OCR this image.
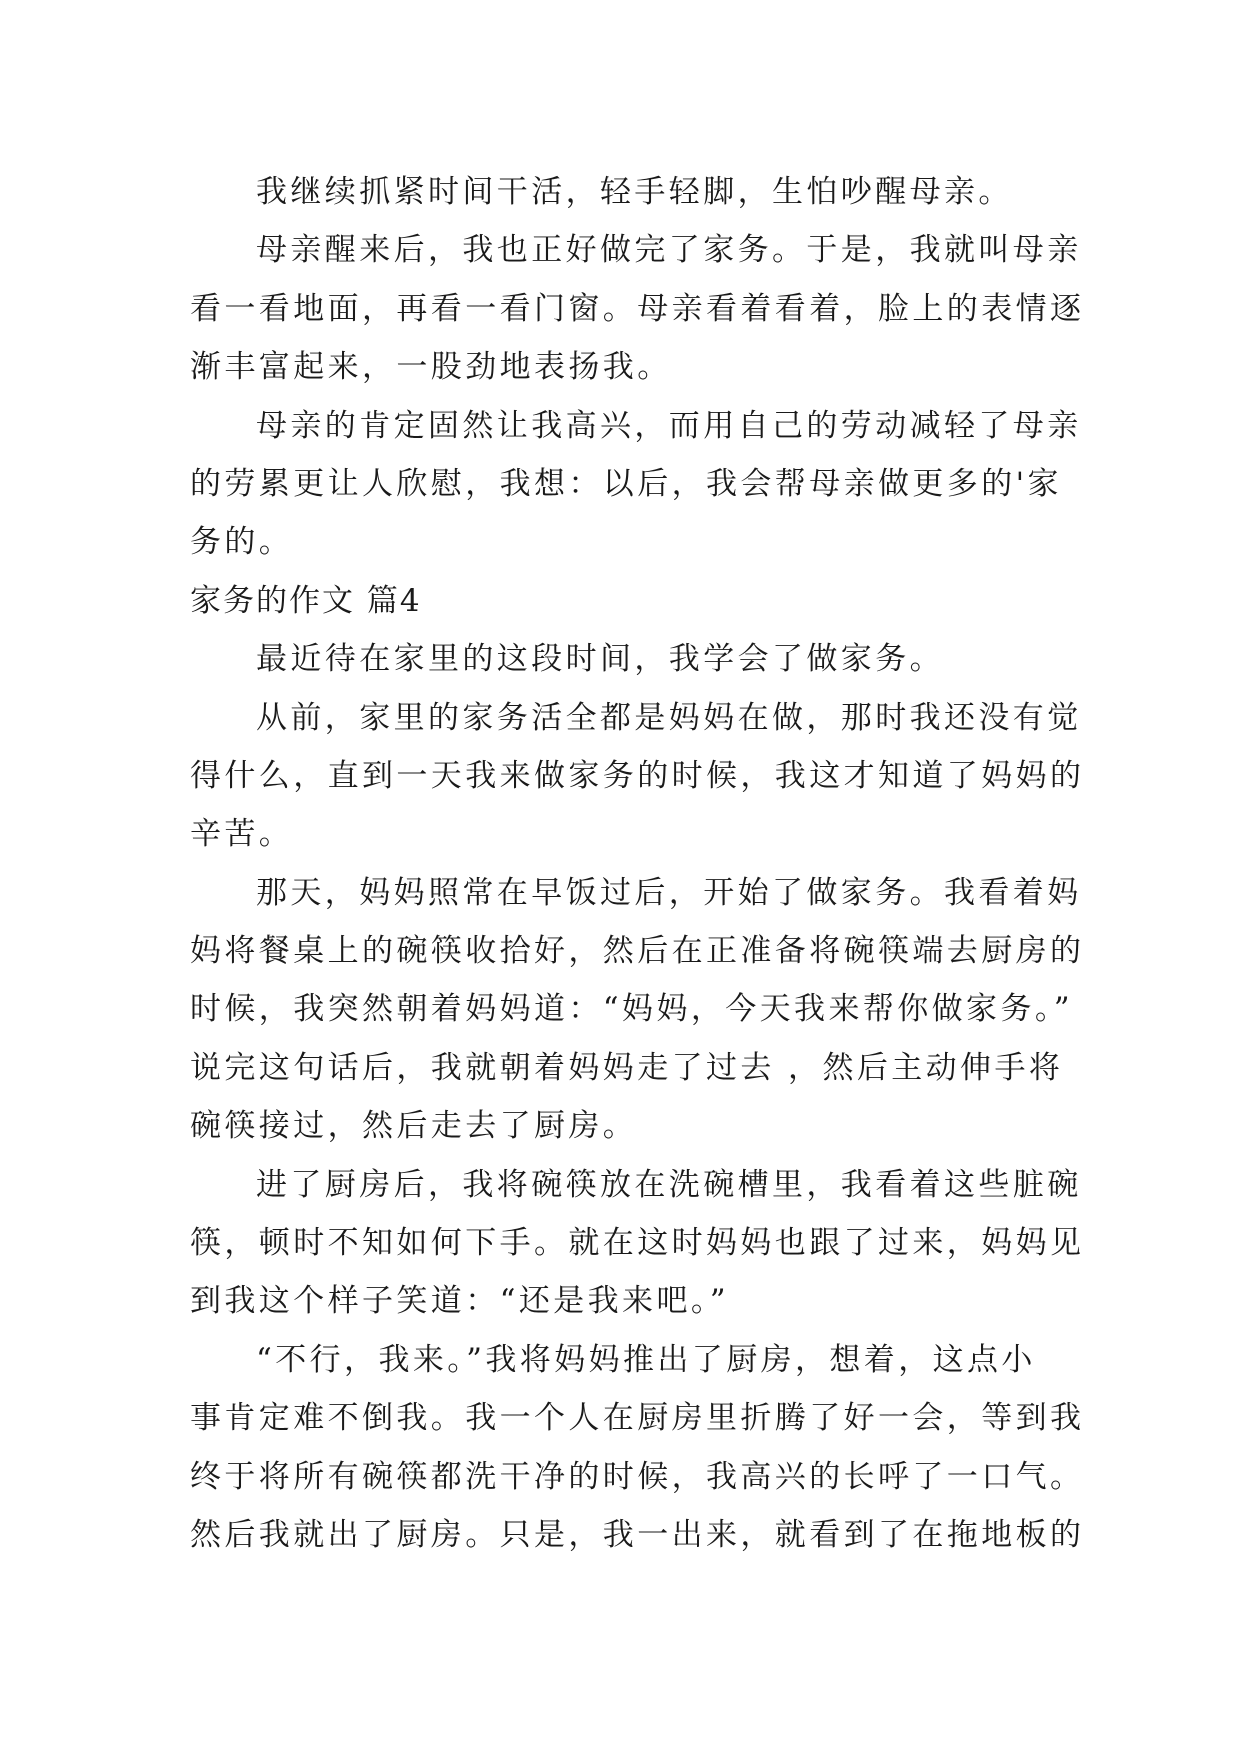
我继续抓紧时间干活，轻手轻脚，生怕吵醒母亲。
母亲醒来后，我也正好做完了家务。于是，我就叫母亲
看一看地面，再看一看门窗。母亲看着看着，脸上的表情逐
渐丰富起来，一股劲地表扬我。
母亲的肯定固然让我高兴，而用自己的劳动减轻了母亲
的劳累更让人欣慰，我想：以后，我会帮母亲做更多的'家
务的。
家务的作文 篇4
最近待在家里的这段时间，我学会了做家务。
从前，家里的家务活全都是妈妈在做，那时我还没有觉
得什么，直到一天我来做家务的时候，我这才知道了妈妈的
辛苦。
那天，妈妈照常在早饭过后，开始了做家务。我看着妈
妈将餐桌上的碗筷收拾好，然后在正准备将碗筷端去厨房的
时候，我突然朝着妈妈道：“妈妈，今天我来帮你做家务。”
说完这句话后，我就朝着妈妈走了过去 ，然后主动伸手将
碗筷接过，然后走去了厨房。
进了厨房后，我将碗筷放在洗碗槽里，我看着这些脏碗
筷，顿时不知如何下手。就在这时妈妈也跟了过来，妈妈见
到我这个样子笑道：“还是我来吧。”
“不行，我来。”我将妈妈推出了厨房，想着，这点小
事肯定难不倒我。我一个人在厨房里折腾了好一会，等到我
终于将所有碗筷都洗干净的时候，我高兴的长呼了一口气。
然后我就出了厨房。只是，我一出来，就看到了在拖地板的
